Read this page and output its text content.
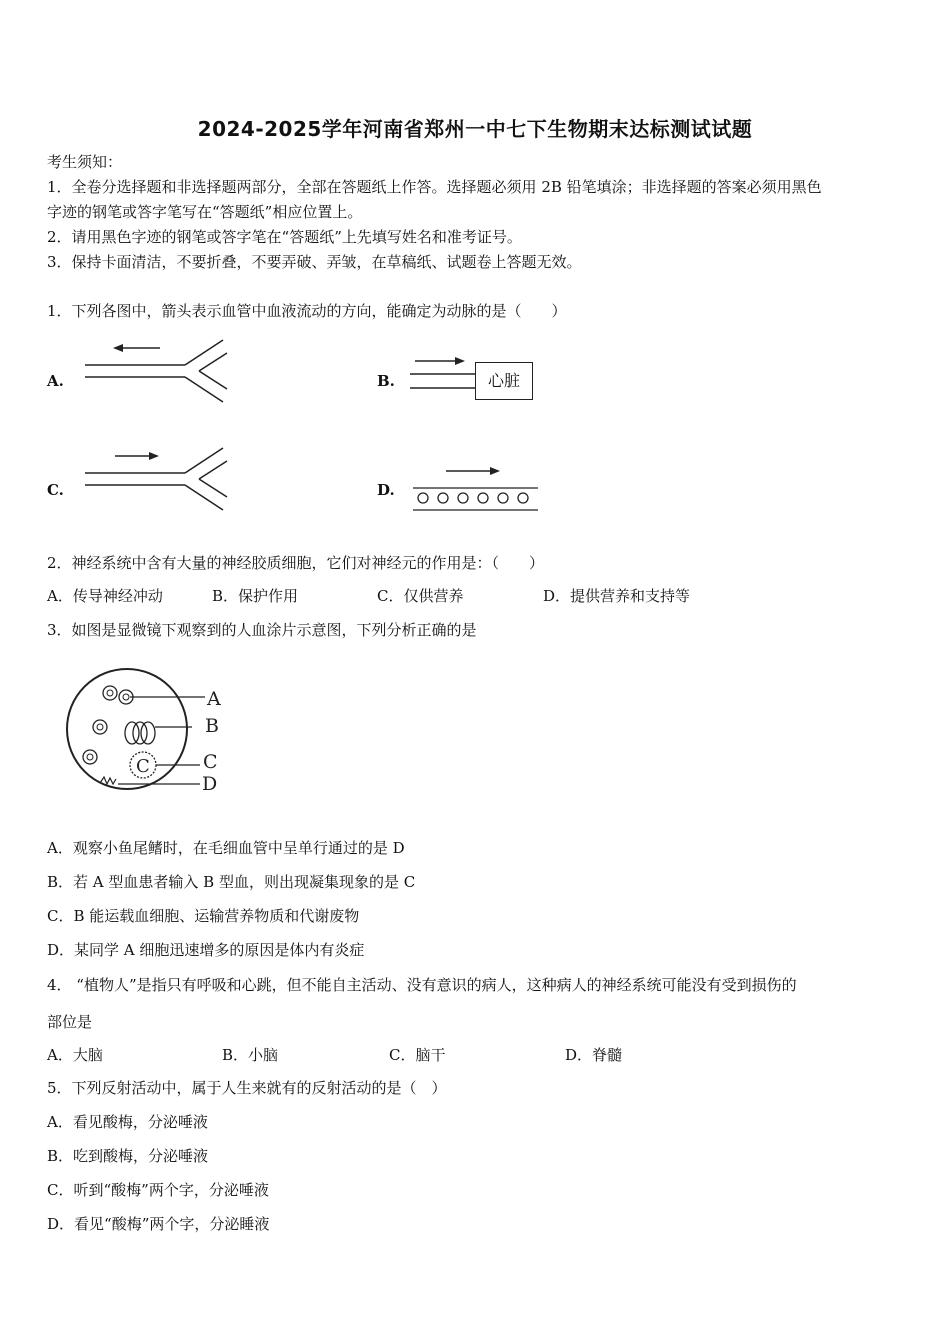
2024-2025学年河南省郑州一中七下生物期末达标测试试题
考生须知：
1．全卷分选择题和非选择题两部分，全部在答题纸上作答。选择题必须用 2B 铅笔填涂；非选择题的答案必须用黑色
字迹的钢笔或答字笔写在“答题纸”相应位置上。
2．请用黑色字迹的钢笔或答字笔在“答题纸”上先填写姓名和准考证号。
3．保持卡面清洁，不要折叠，不要弄破、弄皱，在草稿纸、试题卷上答题无效。
1．下列各图中，箭头表示血管中血液流动的方向，能确定为动脉的是（　　）
A.	B.	心脏
C.	D.
2．神经系统中含有大量的神经胶质细胞，它们对神经元的作用是：（　　）
A．传导神经冲动	B．保护作用	C．仅供营养	D．提供营养和支持等
3．如图是显微镜下观察到的人血涂片示意图，下列分析正确的是
C
A
B
C
D
A．观察小鱼尾鳍时，在毛细血管中呈单行通过的是 D
B．若 A 型血患者输入 B 型血，则出现凝集现象的是 C
C．B 能运载血细胞、运输营养物质和代谢废物
D．某同学 A 细胞迅速增多的原因是体内有炎症
4． “植物人”是指只有呼吸和心跳，但不能自主活动、没有意识的病人，这种病人的神经系统可能没有受到损伤的
部位是
A．大脑	B．小脑	C．脑干	D．脊髓
5．下列反射活动中，属于人生来就有的反射活动的是（　）
A．看见酸梅，分泌唾液
B．吃到酸梅，分泌唾液
C．听到“酸梅”两个字，分泌唾液
D．看见“酸梅”两个字，分泌睡液
